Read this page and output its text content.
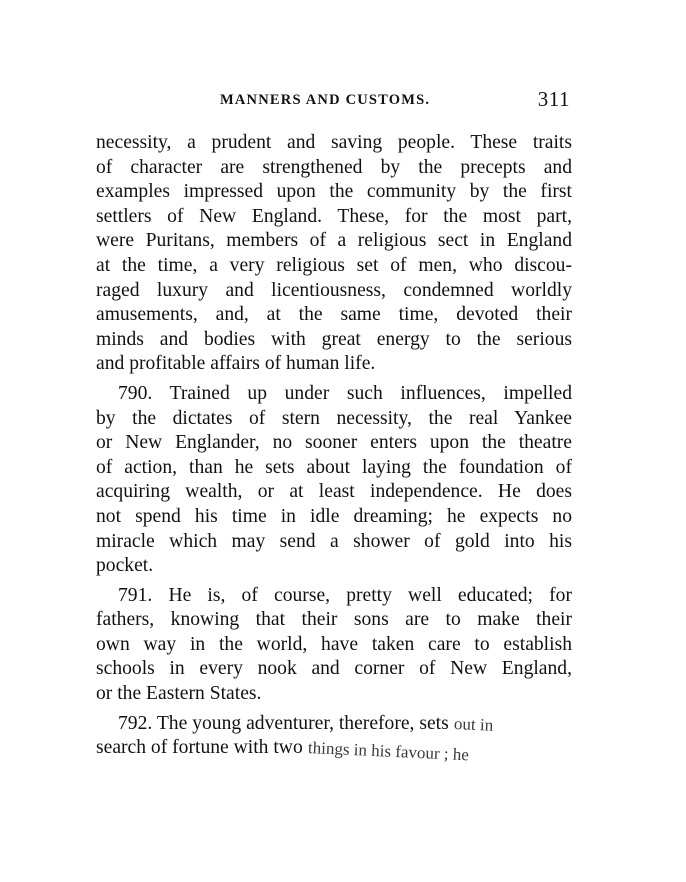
MANNERS AND CUSTOMS.	311

necessity, a prudent and saving people. These traits
of character are strengthened by the precepts and
examples impressed upon the community by the first
settlers of New England. These, for the most part,
were Puritans, members of a religious sect in England
at the time, a very religious set of men, who discou-
raged luxury and licentiousness, condemned worldly
amusements, and, at the same time, devoted their
minds and bodies with great energy to the serious
and profitable affairs of human life.

790. Trained up under such influences, impelled
by the dictates of stern necessity, the real Yankee
or New Englander, no sooner enters upon the theatre
of action, than he sets about laying the foundation of
acquiring wealth, or at least independence. He does
not spend his time in idle dreaming; he expects no
miracle which may send a shower of gold into his
pocket.

791. He is, of course, pretty well educated; for
fathers, knowing that their sons are to make their
own way in the world, have taken care to establish
schools in every nook and corner of New England,
or the Eastern States.

792. The young adventurer, therefore, sets out in
search of fortune with two things in his favour ; he
